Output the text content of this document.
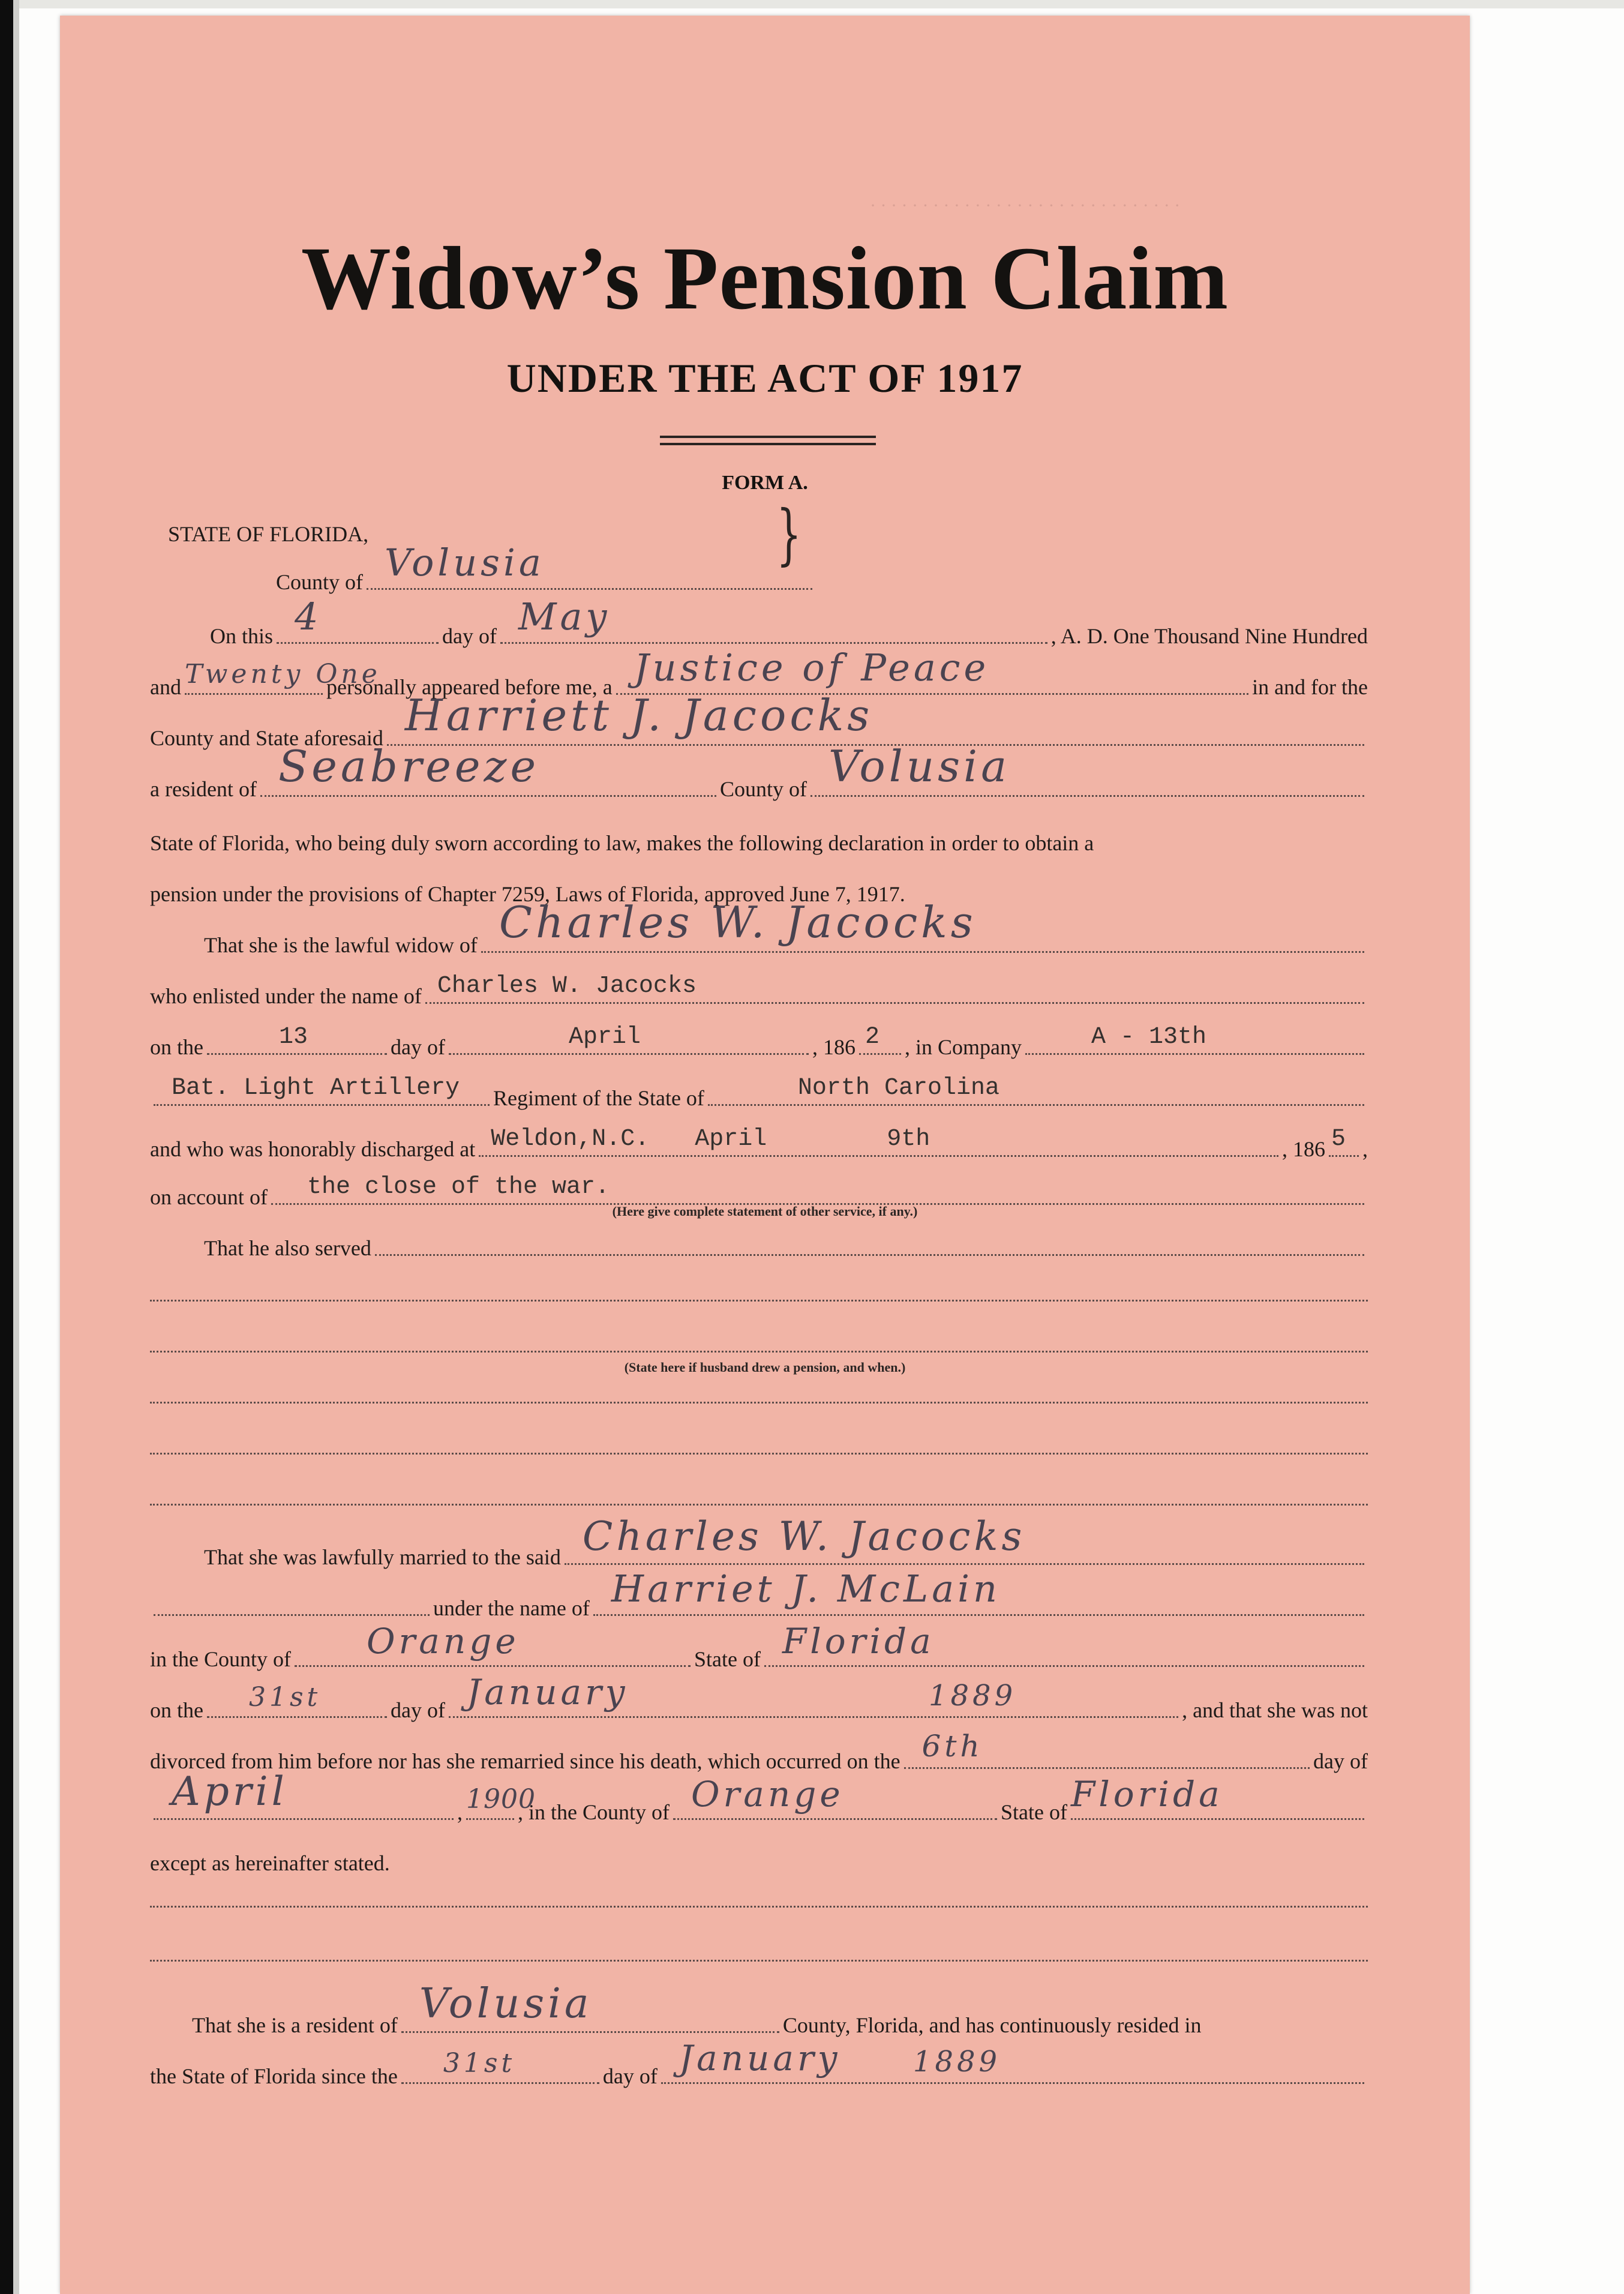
· · · · · · · · · · · · · · · · · · · · · · · · · · · · · ·
Widow’s Pension Claim
UNDER THE ACT OF 1917
FORM A.
STATE OF FLORIDA,
County of Volusia	}
On this 4	day of May	, A. D. One Thousand Nine Hundred
and Twenty One
personally appeared before me, a Justice of Peace	in and for the
County and State aforesaid Harriett J. Jacocks
a resident of Seabreeze	County of Volusia
State of Florida, who being duly sworn according to law, makes the following declaration in order to obtain a
pension under the provisions of Chapter 7259, Laws of Florida, approved June 7, 1917.
That she is the lawful widow of Charles W. Jacocks
who enlisted under the name of Charles W. Jacocks
on the	13	day of	April	, 186 2 , in Company	A - 13th
Bat. Light Artillery Regiment of the State of	North Carolina
and who was honorably discharged at Weldon,N.C. April	9th	, 186 5 ,
on account of the close of the war.
(Here give complete statement of other service, if any.)
That he also served
(State here if husband drew a pension, and when.)
That she was lawfully married to the said Charles W. Jacocks
under the name of Harriet J. McLain
in the County of Orange	State of Florida
on the 31st	day of January	1889	, and that she was not
divorced from him before nor has she remarried since his death, which occurred on the 6th	day of
April	, 1900
, in the County of Orange	State of Florida
except as hereinafter stated.
That she is a resident of Volusia	County, Florida, and has continuously resided in
the State of Florida since the 31st	day of January	1889
